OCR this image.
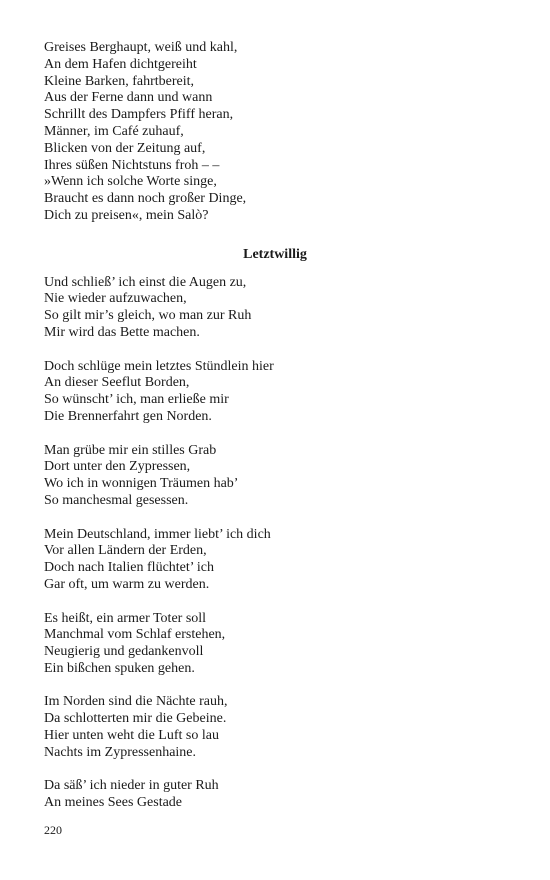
Greises Berghaupt, weiß und kahl,
An dem Hafen dichtgereiht
Kleine Barken, fahrtbereit,
Aus der Ferne dann und wann
Schrillt des Dampfers Pfiff heran,
Männer, im Café zuhauf,
Blicken von der Zeitung auf,
Ihres süßen Nichtstuns froh – –
»Wenn ich solche Worte singe,
Braucht es dann noch großer Dinge,
Dich zu preisen«, mein Salò?
Letztwillig
Und schließ’ ich einst die Augen zu,
Nie wieder aufzuwachen,
So gilt mir’s gleich, wo man zur Ruh
Mir wird das Bette machen.
Doch schlüge mein letztes Stündlein hier
An dieser Seeflut Borden,
So wünscht’ ich, man erließe mir
Die Brennerfahrt gen Norden.
Man grübe mir ein stilles Grab
Dort unter den Zypressen,
Wo ich in wonnigen Träumen hab’
So manchesmal gesessen.
Mein Deutschland, immer liebt’ ich dich
Vor allen Ländern der Erden,
Doch nach Italien flüchtet’ ich
Gar oft, um warm zu werden.
Es heißt, ein armer Toter soll
Manchmal vom Schlaf erstehen,
Neugierig und gedankenvoll
Ein bißchen spuken gehen.
Im Norden sind die Nächte rauh,
Da schlotterten mir die Gebeine.
Hier unten weht die Luft so lau
Nachts im Zypressenhaine.
Da säß’ ich nieder in guter Ruh
An meines Sees Gestade
220
